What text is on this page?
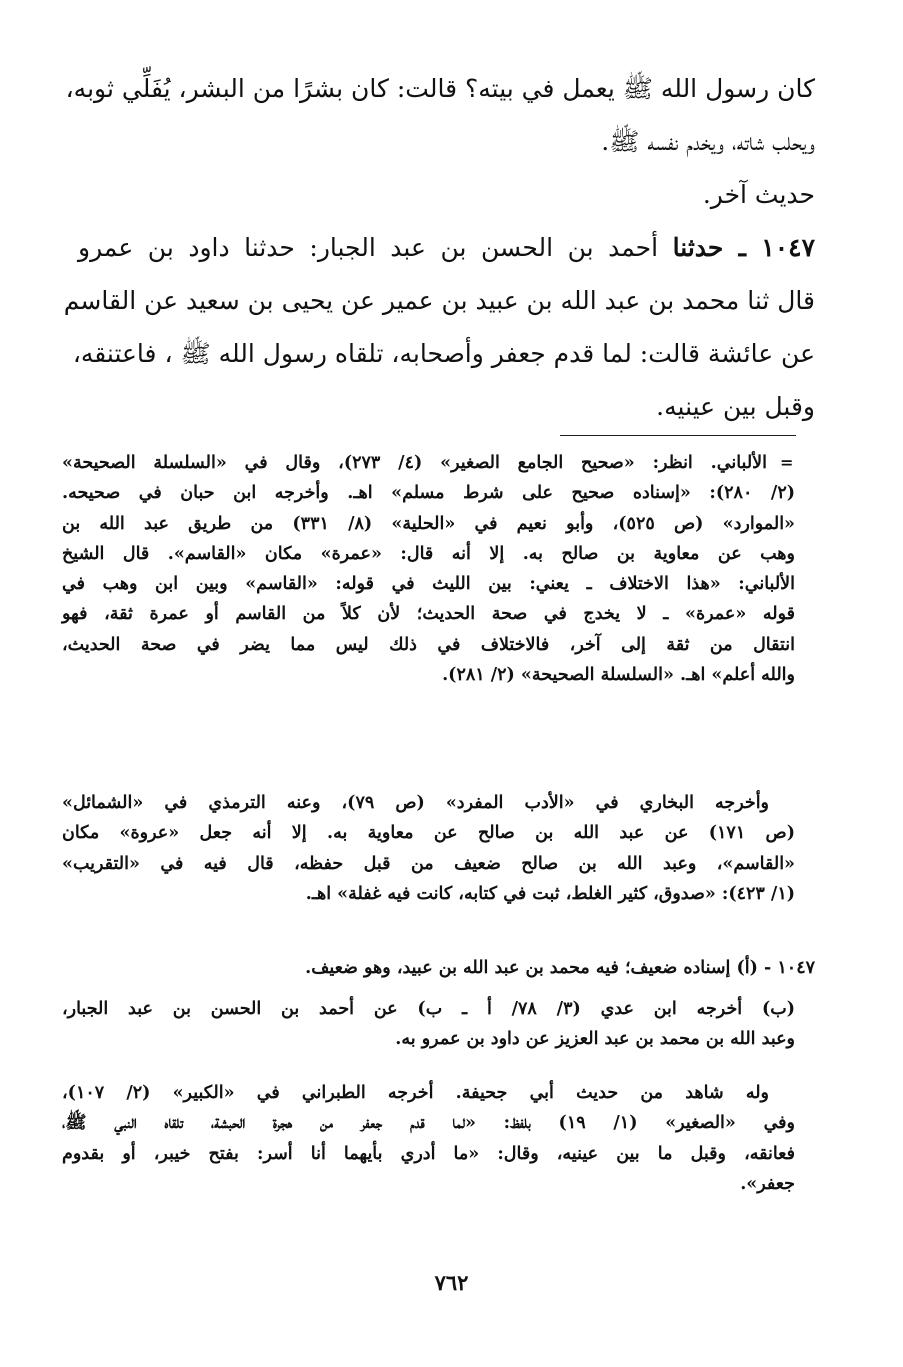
كان رسول الله ﷺ يعمل في بيته؟ قالت: كان بشرًا من البشر، يُفَلِّي ثوبه،
ويحلب شاته، ويخدم نفسه ﷺ.
حديث آخر.
١٠٤٧ ـ حدثنا أحمد بن الحسن بن عبد الجبار: حدثنا داود بن عمرو
قال ثنا محمد بن عبد الله بن عبيد بن عمير عن يحيى بن سعيد عن القاسم
عن عائشة قالت: لما قدم جعفر وأصحابه، تلقاه رسول الله ﷺ ، فاعتنقه،
وقبل بين عينيه.
=
الألباني. انظر: «صحيح الجامع الصغير» (٤/ ٢٧٣)، وقال في «السلسلة الصحيحة»
(٢/ ٢٨٠): «إسناده صحيح على شرط مسلم» اهـ. وأخرجه ابن حبان في صحيحه.
«الموارد» (ص ٥٢٥)، وأبو نعيم في «الحلية» (٨/ ٣٣١) من طريق عبد الله بن
وهب عن معاوية بن صالح به. إلا أنه قال: «عمرة» مكان «القاسم». قال الشيخ
الألباني: «هذا الاختلاف ـ يعني: بين الليث في قوله: «القاسم» وبين ابن وهب في
قوله «عمرة» ـ لا يخدج في صحة الحديث؛ لأن كلاً من القاسم أو عمرة ثقة، فهو
انتقال من ثقة إلى آخر، فالاختلاف في ذلك ليس مما يضر في صحة الحديث،
والله أعلم» اهـ. «السلسلة الصحيحة» (٢/ ٢٨١).
وأخرجه البخاري في «الأدب المفرد» (ص ٧٩)، وعنه الترمذي في «الشمائل»
(ص ١٧١) عن عبد الله بن صالح عن معاوية به. إلا أنه جعل «عروة» مكان
«القاسم»، وعبد الله بن صالح ضعيف من قبل حفظه، قال فيه في «التقريب»
(١/ ٤٢٣): «صدوق، كثير الغلط، ثبت في كتابه، كانت فيه غفلة» اهـ.
١٠٤٧ - (أ) إسناده ضعيف؛ فيه محمد بن عبد الله بن عبيد، وهو ضعيف.
(ب) أخرجه ابن عدي (٣/ ٧٨/ أ ـ ب) عن أحمد بن الحسن بن عبد الجبار،
وعبد الله بن محمد بن عبد العزيز عن داود بن عمرو به.
وله شاهد من حديث أبي جحيفة. أخرجه الطبراني في «الكبير» (٢/ ١٠٧)،
وفي «الصغير» (١/ ١٩) بلفظ: «لما قدم جعفر من هجرة الحبشة، تلقاه النبي ﷺ،
فعانقه، وقبل ما بين عينيه، وقال: «ما أدري بأيهما أنا أسر: بفتح خيبر، أو بقدوم
جعفر».
٧٦٢
